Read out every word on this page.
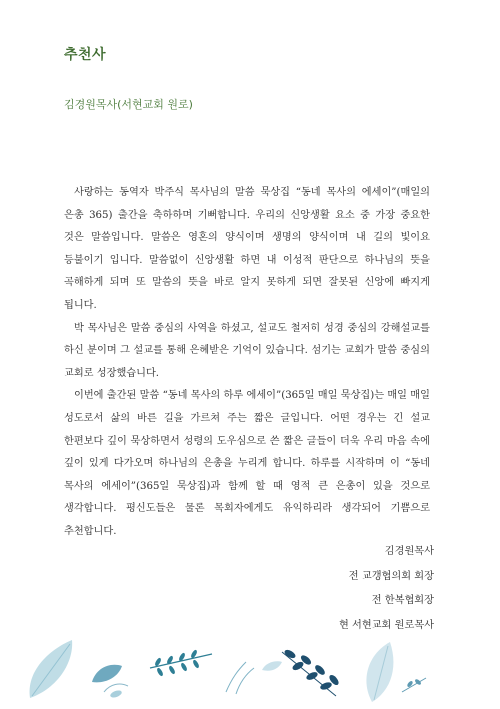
추천사
김경원목사(서현교회 원로)

사랑하는 동역자 박주식 목사님의 말씀 묵상집 “동네 목사의 에세이”(매일의 은총 365) 출간을 축하하며 기뻐합니다. 우리의 신앙생활 요소 중 가장 중요한 것은 말씀입니다. 말씀은 영혼의 양식이며 생명의 양식이며 내 길의 빛이요 등불이기 입니다. 말씀없이 신앙생활 하면 내 이성적 판단으로 하나님의 뜻을 곡해하게 되며 또 말씀의 뜻을 바로 알지 못하게 되면 잘못된 신앙에 빠지게 됩니다.

박 목사님은 말씀 중심의 사역을 하셨고, 설교도 철저히 성경 중심의 강해설교를 하신 분이며 그 설교를 통해 은혜받은 기억이 있습니다. 섬기는 교회가 말씀 중심의 교회로 성장했습니다.

이번에 출간된 말씀 “동네 목사의 하루 에세이”(365일 매일 묵상집)는 매일 매일 성도로서 삶의 바른 길을 가르쳐 주는 짧은 글입니다. 어떤 경우는 긴 설교 한편보다 깊이 묵상하면서 성령의 도우심으로 쓴 짧은 글들이 더욱 우리 마음 속에 깊이 있게 다가오며 하나님의 은총을 누리게 합니다. 하루를 시작하며 이 “동네 목사의 에세이”(365일 묵상집)과 함께 할 때 영적 큰 은총이 있을 것으로 생각합니다. 평신도들은 물론 목회자에게도 유익하리라 생각되어 기쁨으로 추천합니다.

김경원목사
전 교갱협의회 회장
전 한복협회장
현 서현교회 원로목사
